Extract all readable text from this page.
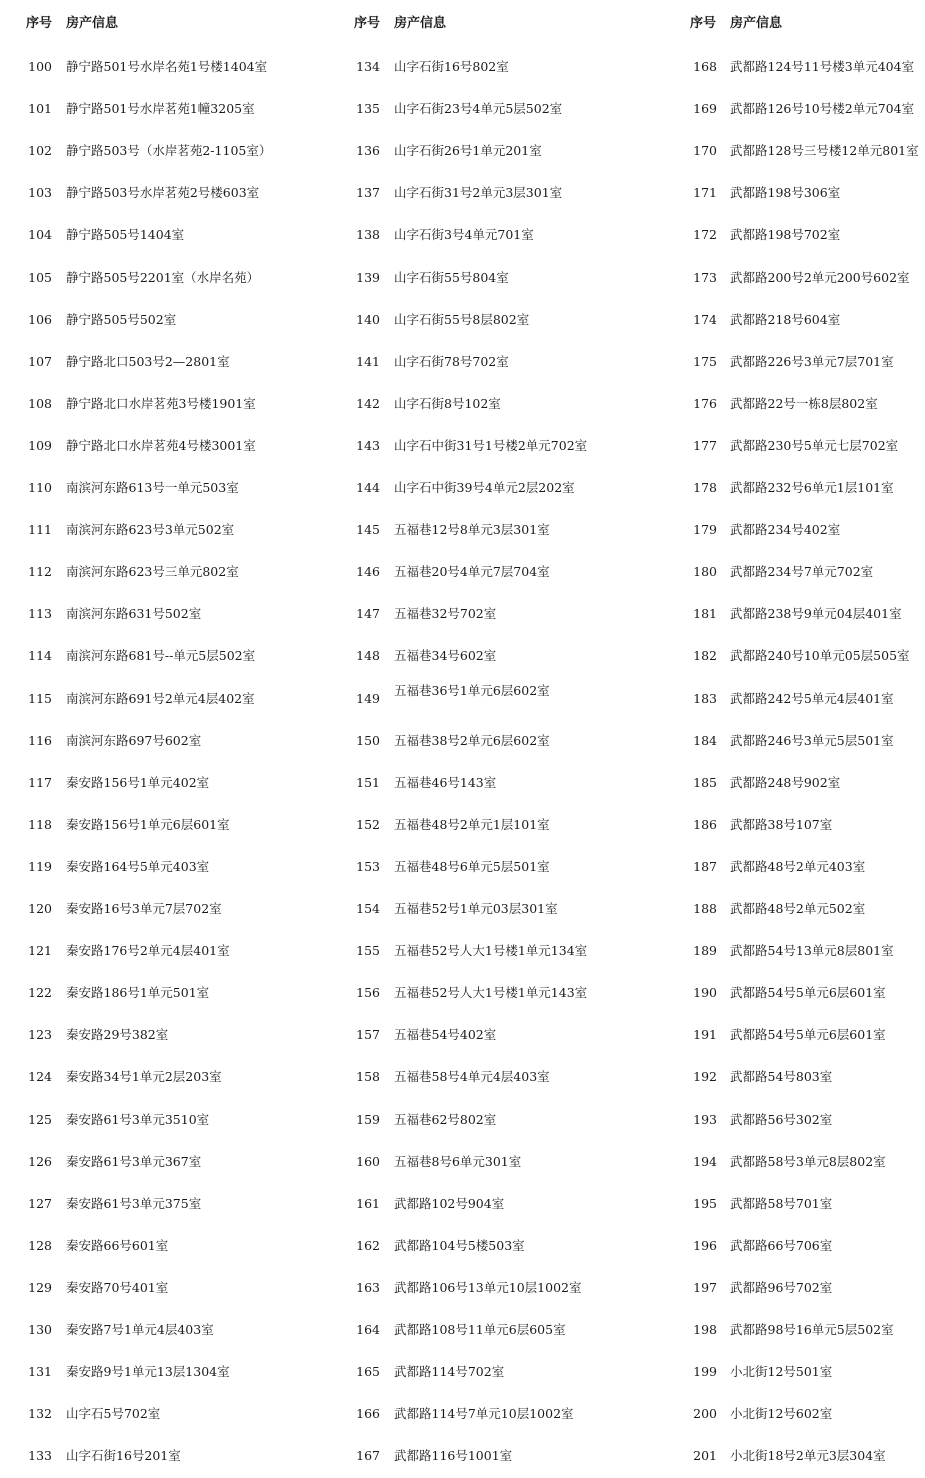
序号 房产信息
100 静宁路501号水岸名苑1号楼1404室
101 静宁路501号水岸茗苑1幢3205室
102 静宁路503号（水岸茗苑2-1105室）
103 静宁路503号水岸茗苑2号楼603室
104 静宁路505号1404室
105 静宁路505号2201室（水岸名苑）
106 静宁路505号502室
107 静宁路北口503号2—2801室
108 静宁路北口水岸茗苑3号楼1901室
109 静宁路北口水岸茗苑4号楼3001室
110 南滨河东路613号一单元503室
111 南滨河东路623号3单元502室
112 南滨河东路623号三单元802室
113 南滨河东路631号502室
114 南滨河东路681号--单元5层502室
115 南滨河东路691号2单元4层402室
116 南滨河东路697号602室
117 秦安路156号1单元402室
118 秦安路156号1单元6层601室
119 秦安路164号5单元403室
120 秦安路16号3单元7层702室
121 秦安路176号2单元4层401室
122 秦安路186号1单元501室
123 秦安路29号382室
124 秦安路34号1单元2层203室
125 秦安路61号3单元3510室
126 秦安路61号3单元367室
127 秦安路61号3单元375室
128 秦安路66号601室
129 秦安路70号401室
130 秦安路7号1单元4层403室
131 秦安路9号1单元13层1304室
132 山字石5号702室
133 山字石街16号201室
序号 房产信息
134 山字石街16号802室
135 山字石街23号4单元5层502室
136 山字石街26号1单元201室
137 山字石街31号2单元3层301室
138 山字石街3号4单元701室
139 山字石街55号804室
140 山字石街55号8层802室
141 山字石街78号702室
142 山字石街8号102室
143 山字石中街31号1号楼2单元702室
144 山字石中街39号4单元2层202室
145 五福巷12号8单元3层301室
146 五福巷20号4单元7层704室
147 五福巷32号702室
148 五福巷34号602室
149
五福巷36号1单元6层602室
150 五福巷38号2单元6层602室
151 五福巷46号143室
152 五福巷48号2单元1层101室
153 五福巷48号6单元5层501室
154 五福巷52号1单元03层301室
155 五福巷52号人大1号楼1单元134室
156 五福巷52号人大1号楼1单元143室
157 五福巷54号402室
158 五福巷58号4单元4层403室
159 五福巷62号802室
160 五福巷8号6单元301室
161 武都路102号904室
162 武都路104号5楼503室
163 武都路106号13单元10层1002室
164 武都路108号11单元6层605室
165 武都路114号702室
166 武都路114号7单元10层1002室
167 武都路116号1001室
序号 房产信息
168 武都路124号11号楼3单元404室
169 武都路126号10号楼2单元704室
170 武都路128号三号楼12单元801室
171 武都路198号306室
172 武都路198号702室
173 武都路200号2单元200号602室
174 武都路218号604室
175 武都路226号3单元7层701室
176 武都路22号一栋8层802室
177 武都路230号5单元七层702室
178 武都路232号6单元1层101室
179 武都路234号402室
180 武都路234号7单元702室
181 武都路238号9单元04层401室
182 武都路240号10单元05层505室
183 武都路242号5单元4层401室
184 武都路246号3单元5层501室
185 武都路248号902室
186 武都路38号107室
187 武都路48号2单元403室
188 武都路48号2单元502室
189 武都路54号13单元8层801室
190 武都路54号5单元6层601室
191 武都路54号5单元6层601室
192 武都路54号803室
193 武都路56号302室
194 武都路58号3单元8层802室
195 武都路58号701室
196 武都路66号706室
197 武都路96号702室
198 武都路98号16单元5层502室
199 小北街12号501室
200 小北街12号602室
201 小北街18号2单元3层304室
